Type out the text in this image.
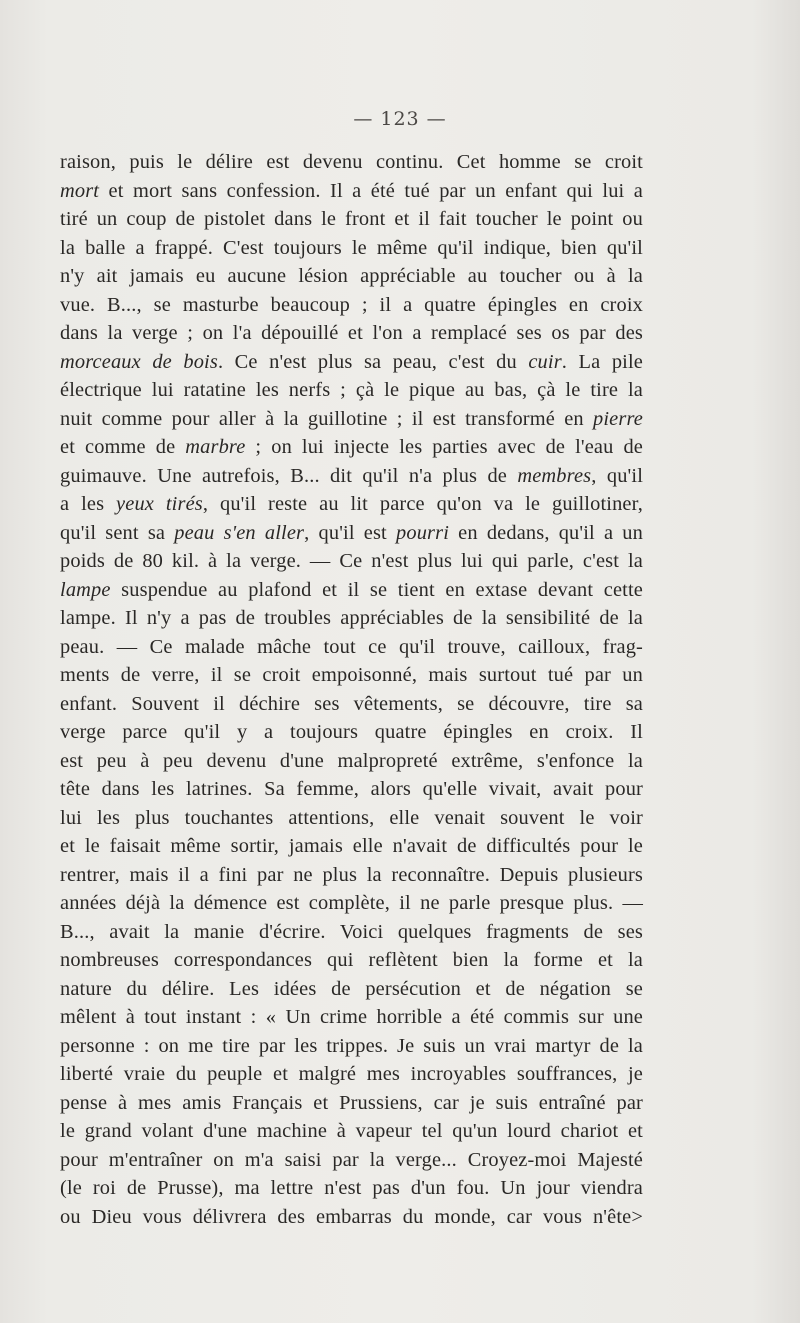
— 123 —
raison, puis le délire est devenu continu. Cet homme se croit
mort et mort sans confession. Il a été tué par un enfant qui lui a
tiré un coup de pistolet dans le front et il fait toucher le point ou
la balle a frappé. C'est toujours le même qu'il indique, bien qu'il
n'y ait jamais eu aucune lésion appréciable au toucher ou à la
vue. B..., se masturbe beaucoup ; il a quatre épingles en croix
dans la verge ; on l'a dépouillé et l'on a remplacé ses os par des
morceaux de bois. Ce n'est plus sa peau, c'est du cuir. La pile
électrique lui ratatine les nerfs ; çà le pique au bas, çà le tire la
nuit comme pour aller à la guillotine ; il est transformé en pierre
et comme de marbre ; on lui injecte les parties avec de l'eau de
guimauve. Une autrefois, B... dit qu'il n'a plus de membres, qu'il
a les yeux tirés, qu'il reste au lit parce qu'on va le guillotiner,
qu'il sent sa peau s'en aller, qu'il est pourri en dedans, qu'il a un
poids de 80 kil. à la verge. — Ce n'est plus lui qui parle, c'est la
lampe suspendue au plafond et il se tient en extase devant cette
lampe. Il n'y a pas de troubles appréciables de la sensibilité de la
peau. — Ce malade mâche tout ce qu'il trouve, cailloux, frag-
ments de verre, il se croit empoisonné, mais surtout tué par un
enfant. Souvent il déchire ses vêtements, se découvre, tire sa
verge parce qu'il y a toujours quatre épingles en croix. Il
est peu à peu devenu d'une malpropreté extrême, s'enfonce la
tête dans les latrines. Sa femme, alors qu'elle vivait, avait pour
lui les plus touchantes attentions, elle venait souvent le voir
et le faisait même sortir, jamais elle n'avait de difficultés pour le
rentrer, mais il a fini par ne plus la reconnaître. Depuis plusieurs
années déjà la démence est complète, il ne parle presque plus. —
B..., avait la manie d'écrire. Voici quelques fragments de ses
nombreuses correspondances qui reflètent bien la forme et la
nature du délire. Les idées de persécution et de négation se
mêlent à tout instant : « Un crime horrible a été commis sur une
personne : on me tire par les trippes. Je suis un vrai martyr de la
liberté vraie du peuple et malgré mes incroyables souffrances, je
pense à mes amis Français et Prussiens, car je suis entraîné par
le grand volant d'une machine à vapeur tel qu'un lourd chariot et
pour m'entraîner on m'a saisi par la verge... Croyez-moi Majesté
(le roi de Prusse), ma lettre n'est pas d'un fou. Un jour viendra
ou Dieu vous délivrera des embarras du monde, car vous n'ête>
